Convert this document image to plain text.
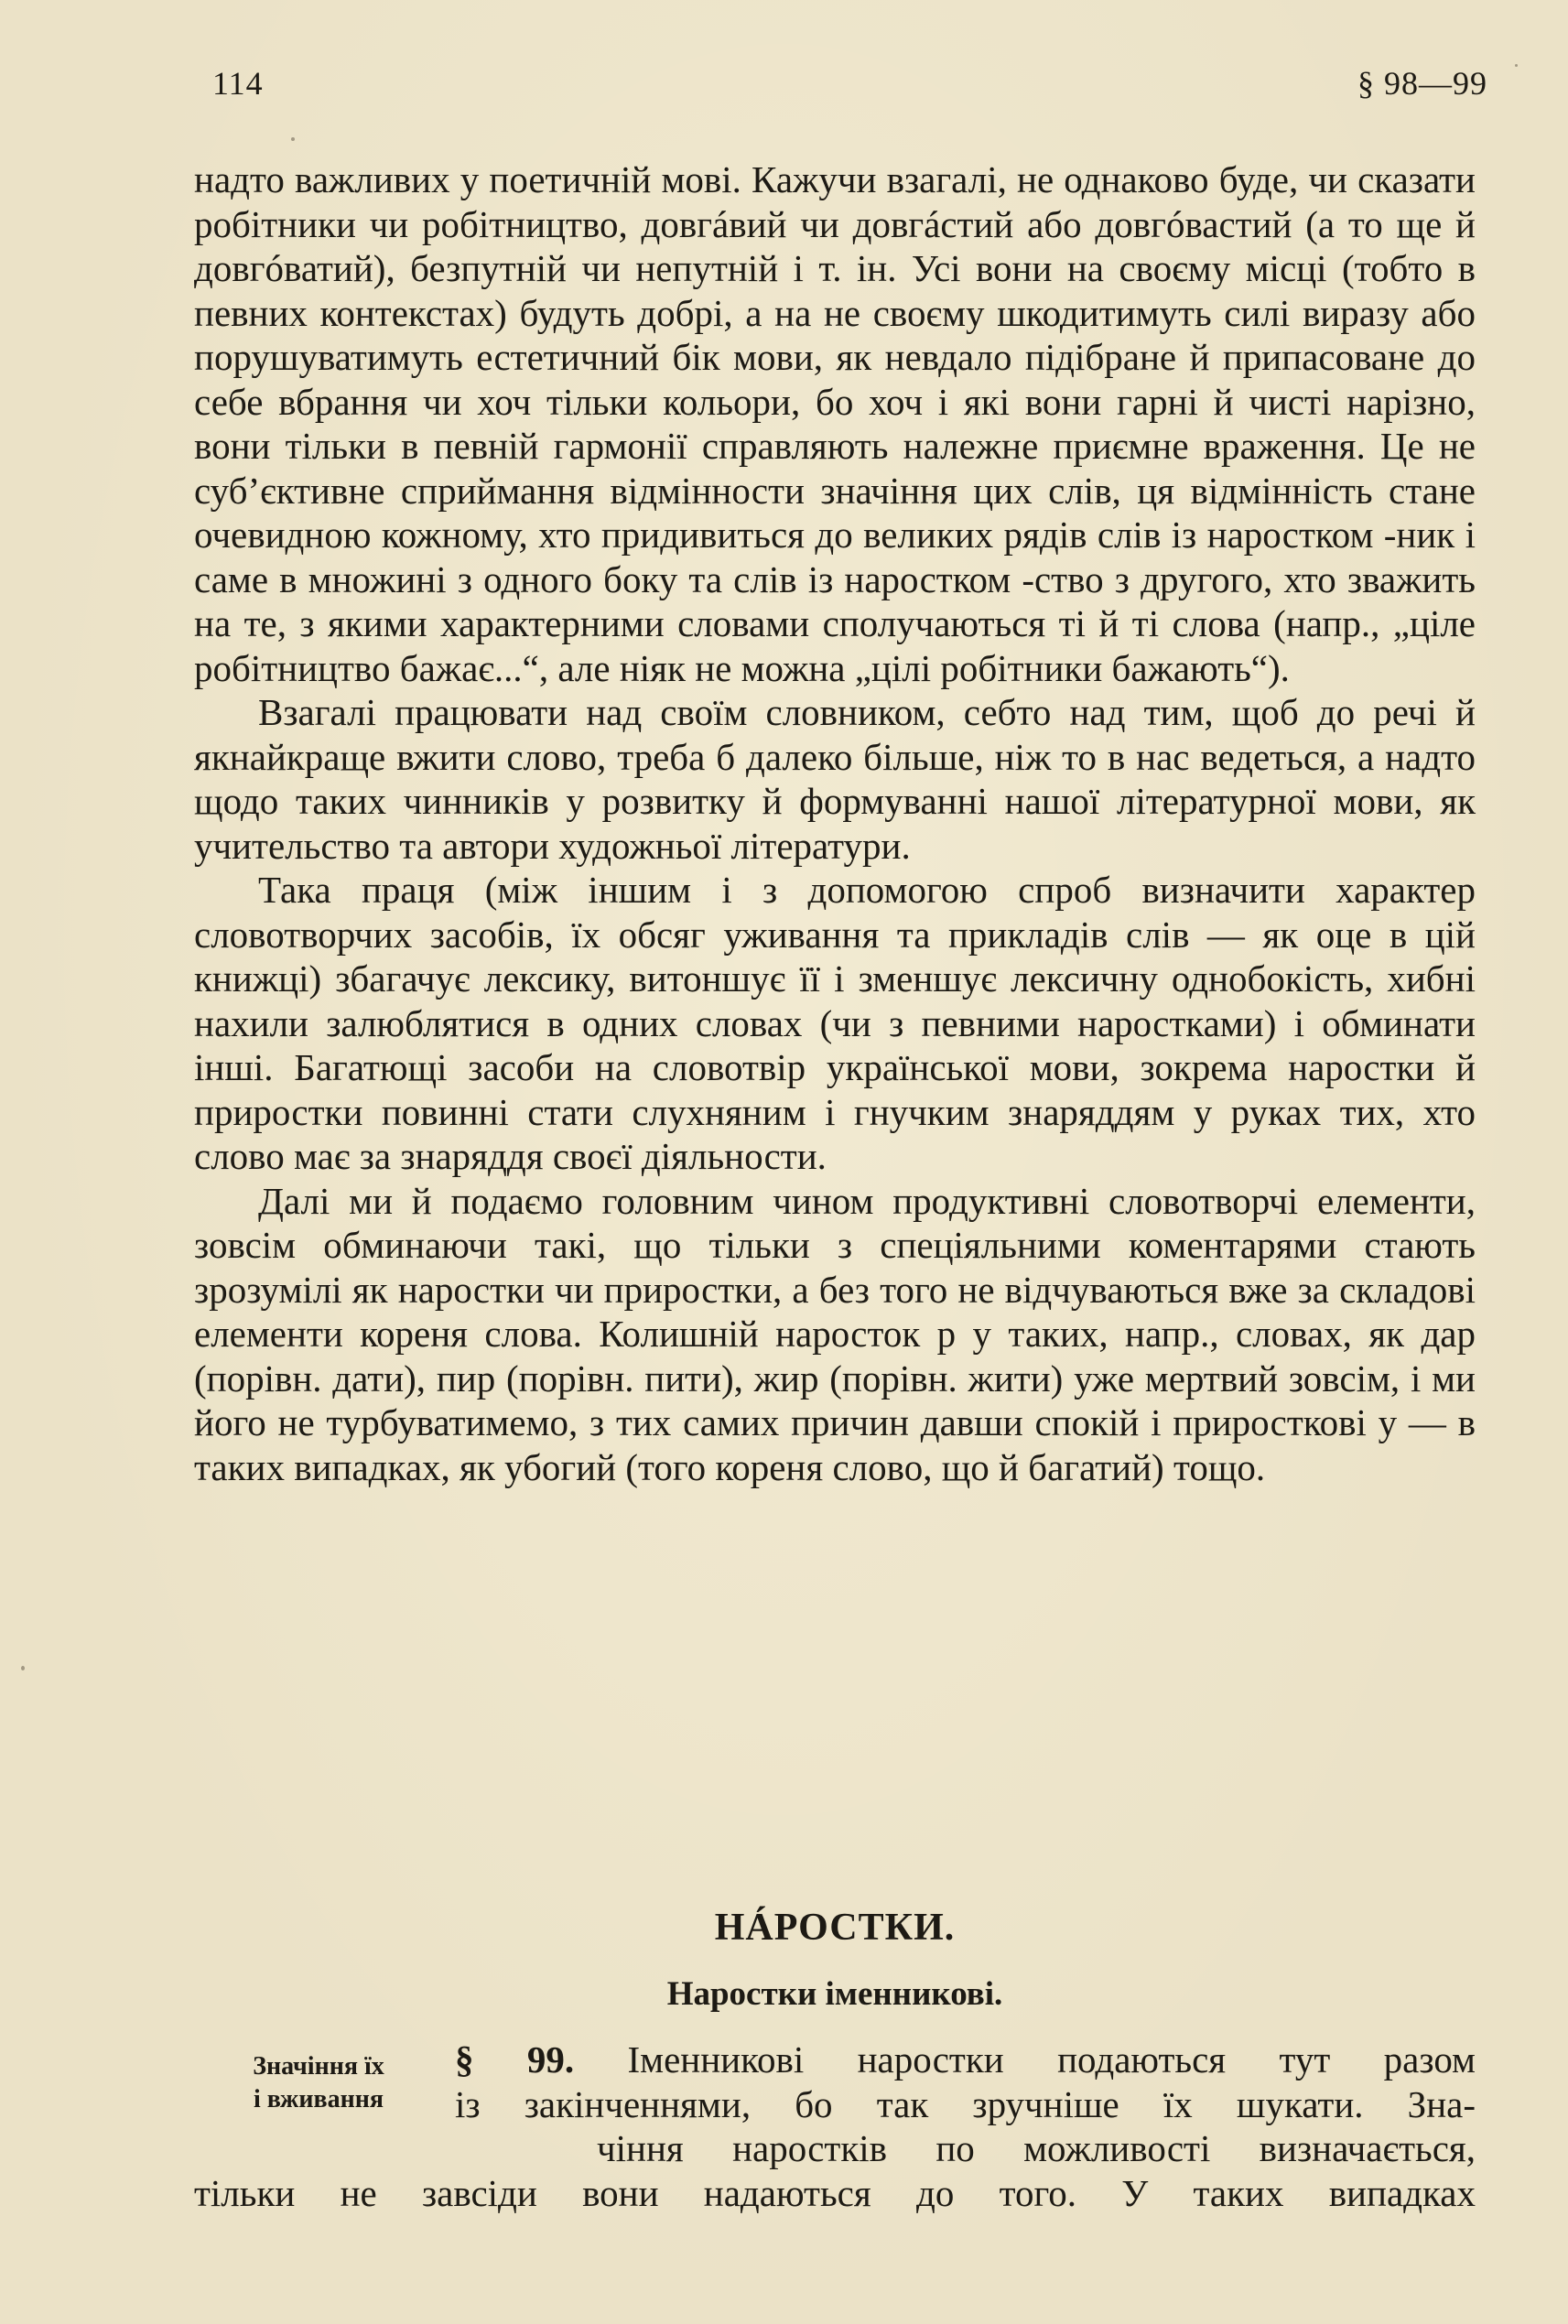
114	§ 98—99

надто важливих у поетичній мові. Кажучи взагалі, не однаково буде, чи сказати робітники чи робітництво, довгáвий чи довгáстий або довгóвастий (а то ще й довгóватий), безпутній чи непутній і т. ін. Усі вони на своєму місці (тобто в певних контекстах) будуть добрі, а на не своєму шкодитимуть силі виразу або порушуватимуть естетичний бік мови, як невдало підібране й припасоване до себе вбрання чи хоч тільки кольори, бо хоч і які вони гарні й чисті нарізно, вони тільки в певній гармонії справляють належне приємне враження. Це не суб’єктивне сприймання відмінности значіння цих слів, ця відмінність стане очевидною кожному, хто придивиться до великих рядів слів із наростком -ник і саме в множині з одного боку та слів із наростком -ство з другого, хто зважить на те, з якими характерними словами сполучаються ті й ті слова (напр., „ціле робітництво бажає...“, але ніяк не можна „цілі робітники бажають“).

Взагалі працювати над своїм словником, себто над тим, щоб до речі й якнайкраще вжити слово, треба б далеко більше, ніж то в нас ведеться, а надто щодо таких чинників у розвитку й формуванні нашої літературної мови, як учительство та автори художньої літератури.

Така праця (між іншим і з допомогою спроб визначити характер словотворчих засобів, їх обсяг уживання та прикладів слів — як оце в цій книжці) збагачує лексику, витоншує її і зменшує лексичну однобокість, хибні нахили залюблятися в одних словах (чи з певними наростками) і обминати інші. Багатющі засоби на словотвір української мови, зокрема наростки й приростки повинні стати слухняним і гнучким знаряддям у руках тих, хто слово має за знаряддя своєї діяльности.

Далі ми й подаємо головним чином продуктивні словотворчі елементи, зовсім обминаючи такі, що тільки з спеціяльними коментарями стають зрозумілі як наростки чи приростки, а без того не відчуваються вже за складові елементи кореня слова. Колишній наросток р у таких, напр., словах, як дар (порівн. дати), пир (порівн. пити), жир (порівн. жити) уже мертвий зовсім, і ми його не турбуватимемо, з тих самих причин давши спокій і приросткові у — в таких випадках, як убогий (того кореня слово, що й багатий) тощо.

НÁРОСТКИ.
Наростки іменникові.
Значіння їх
і вживання
§ 99. Іменникові наростки подаються тут разом
із закінченнями, бо так зручніше їх шукати. Зна-
чіння наростків по можливості визначається,
тільки не завсіди вони надаються до того. У таких випадках
